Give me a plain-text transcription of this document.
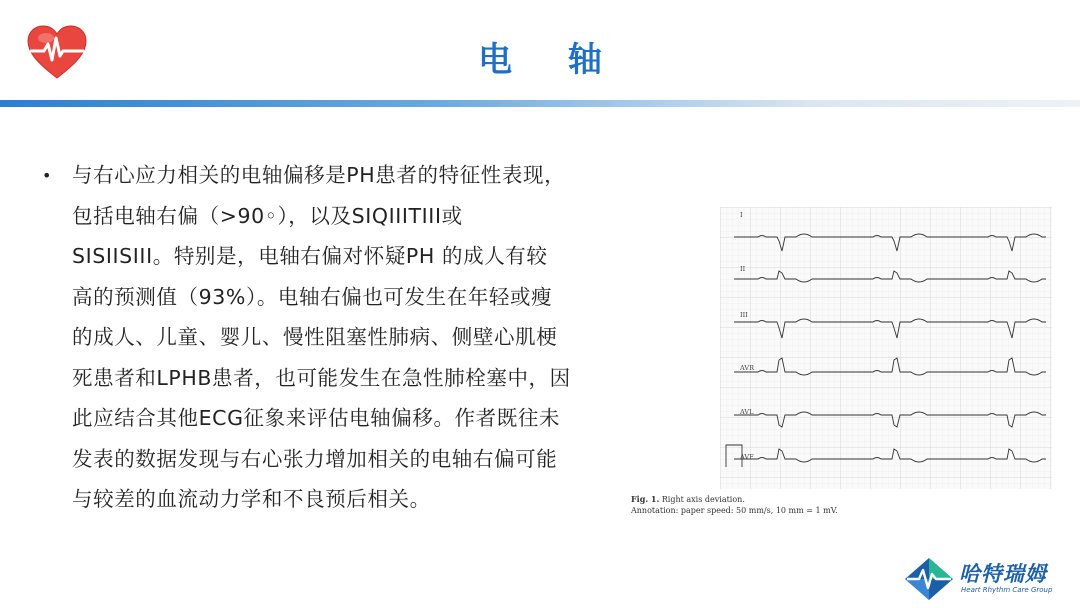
电 轴
• 与右心应力相关的电轴偏移是PH患者的特征性表现，
包括电轴右偏（>90◦），以及SIQIIITIII或
SISIISIII。特别是，电轴右偏对怀疑PH 的成人有较
高的预测值（93%）。电轴右偏也可发生在年轻或瘦
的成人、儿童、婴儿、慢性阻塞性肺病、侧壁心肌梗
死患者和LPHB患者，也可能发生在急性肺栓塞中，因
此应结合其他ECG征象来评估电轴偏移。作者既往未
发表的数据发现与右心张力增加相关的电轴右偏可能
与较差的血流动力学和不良预后相关。
I
II
III
AVR
AVL
AVF
Fig. 1. Right axis deviation.
Annotation: paper speed: 50 mm/s, 10 mm = 1 mV.
哈特瑞姆
Heart Rhythm Care Group
